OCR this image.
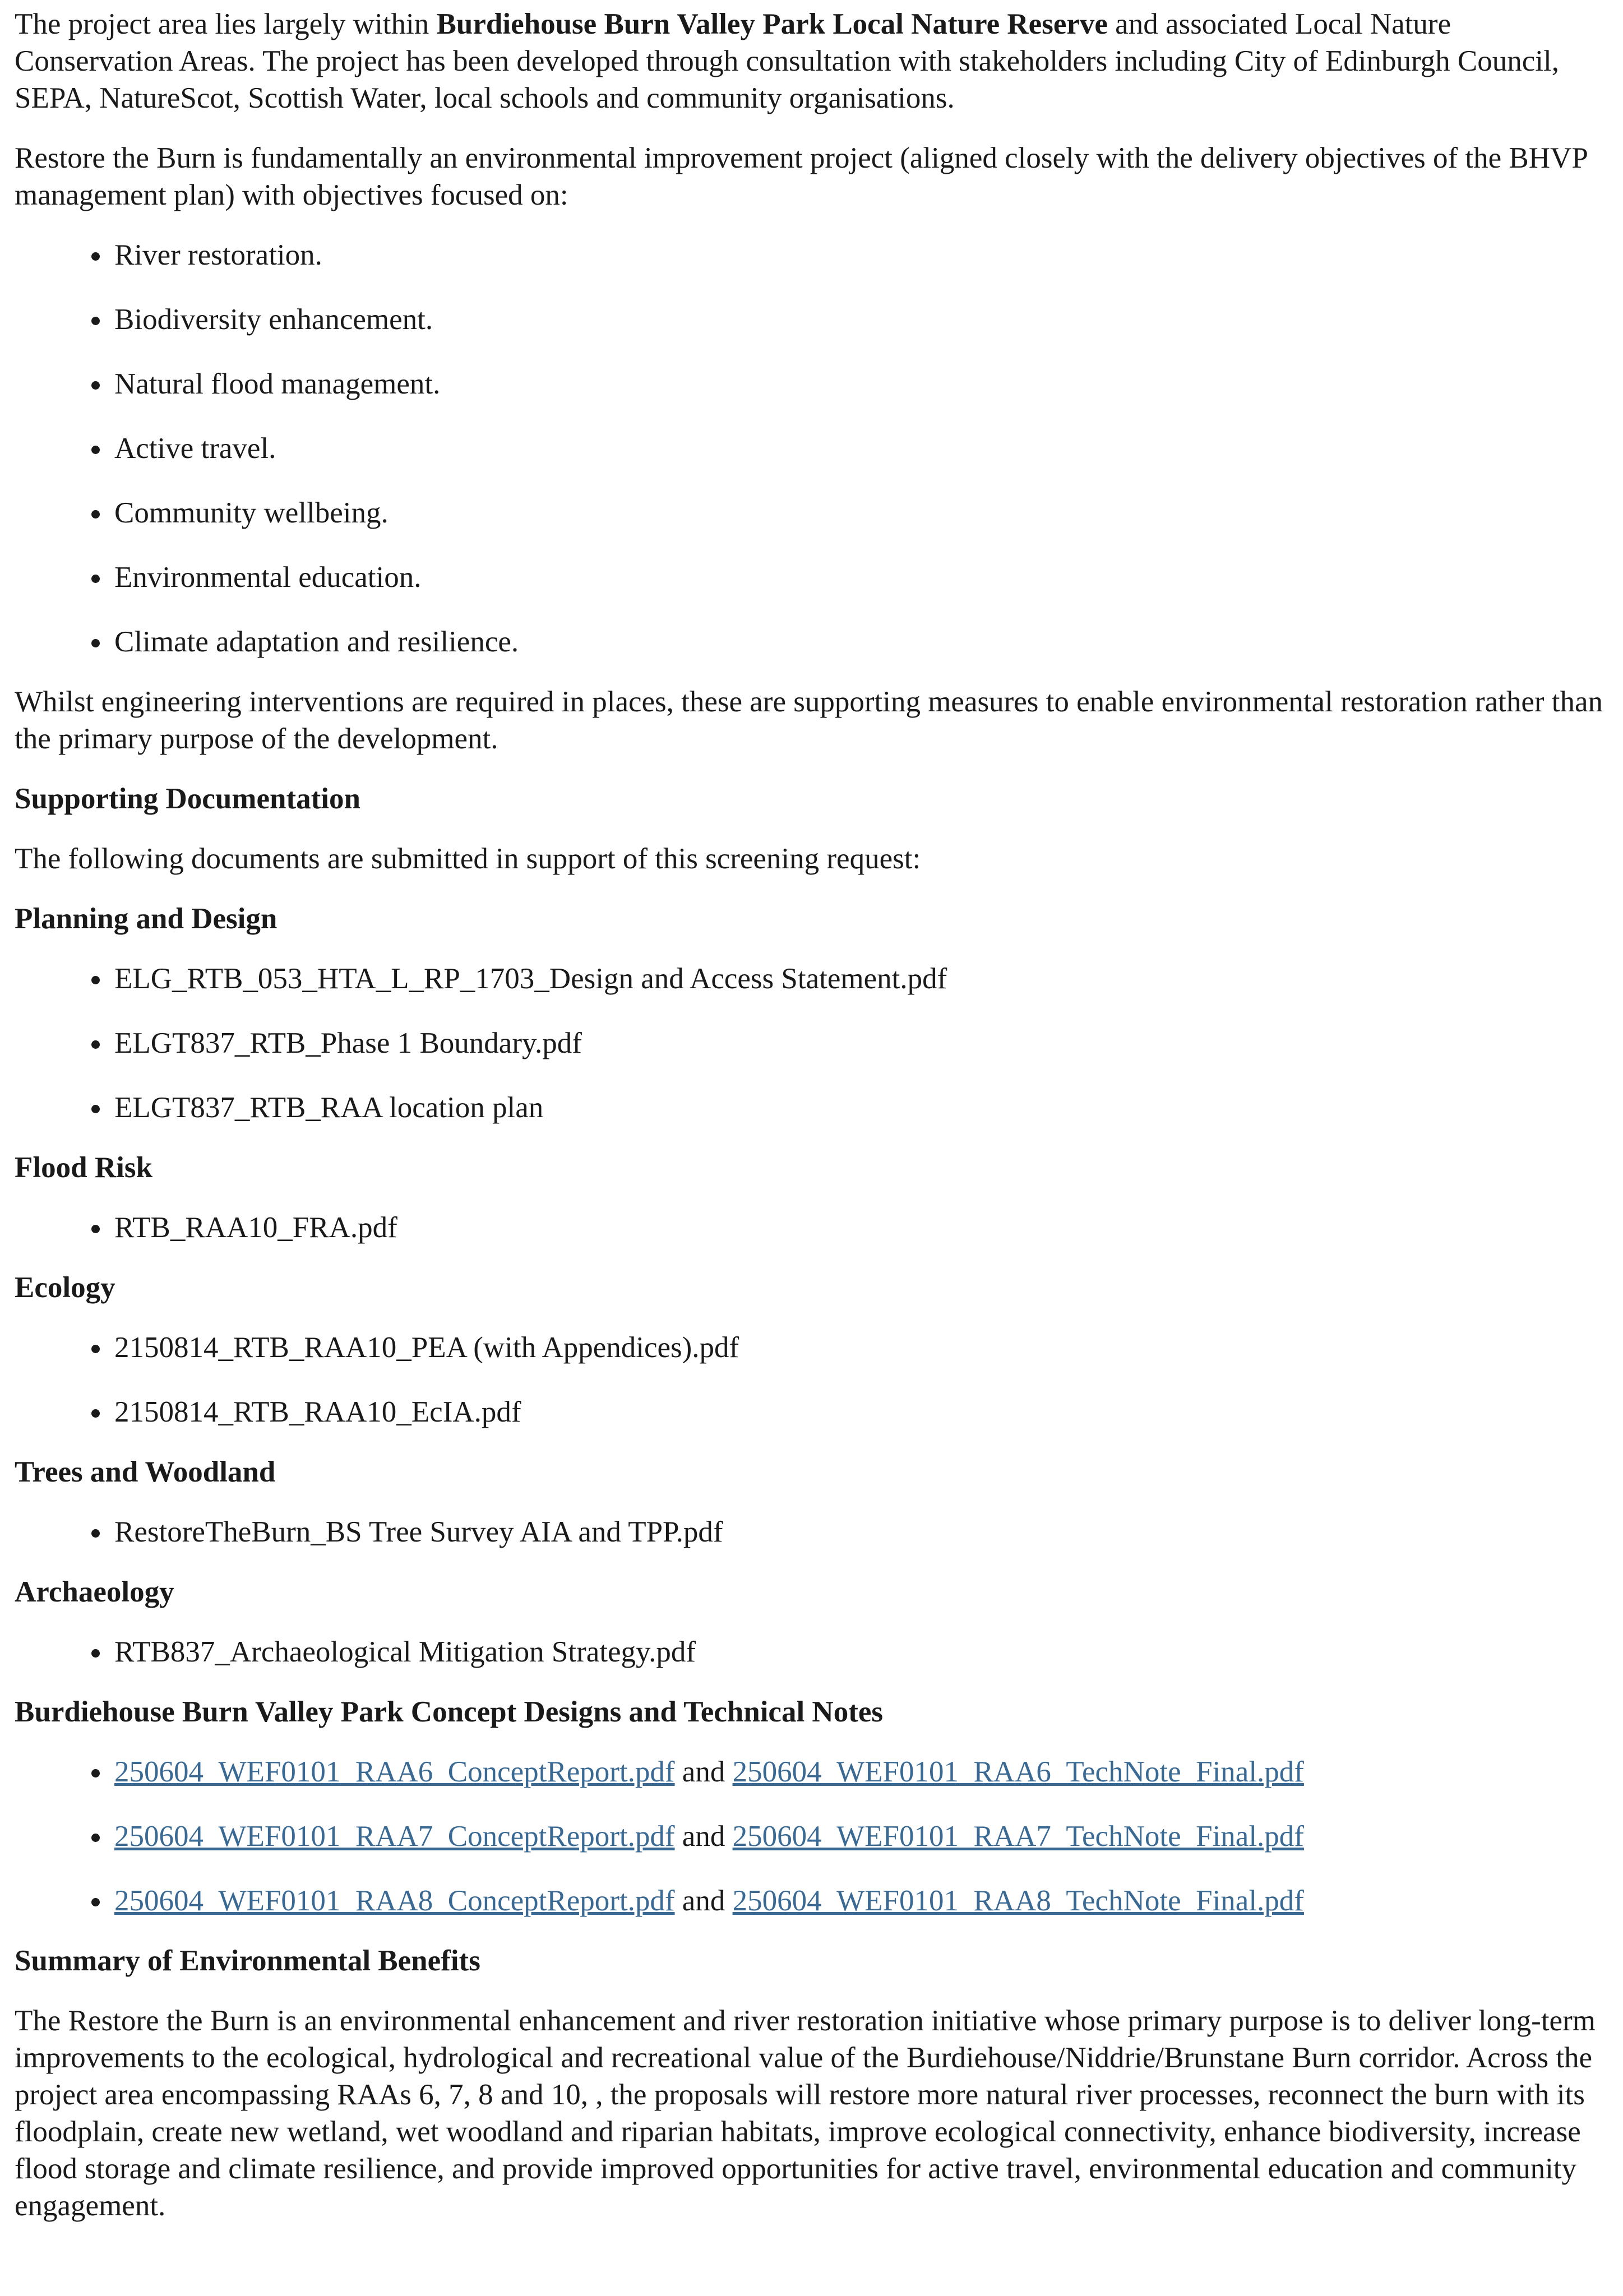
The project area lies largely within Burdiehouse Burn Valley Park Local Nature Reserve and associated Local Nature Conservation Areas. The project has been developed through consultation with stakeholders including City of Edinburgh Council, SEPA, NatureScot, Scottish Water, local schools and community organisations.

Restore the Burn is fundamentally an environmental improvement project (aligned closely with the delivery objectives of the BHVP management plan) with objectives focused on:

• River restoration.
• Biodiversity enhancement.
• Natural flood management.
• Active travel.
• Community wellbeing.
• Environmental education.
• Climate adaptation and resilience.

Whilst engineering interventions are required in places, these are supporting measures to enable environmental restoration rather than the primary purpose of the development.

Supporting Documentation

The following documents are submitted in support of this screening request:

Planning and Design
• ELG_RTB_053_HTA_L_RP_1703_Design and Access Statement.pdf
• ELGT837_RTB_Phase 1 Boundary.pdf
• ELGT837_RTB_RAA location plan
Flood Risk
• RTB_RAA10_FRA.pdf
Ecology
• 2150814_RTB_RAA10_PEA (with Appendices).pdf
• 2150814_RTB_RAA10_EcIA.pdf
Trees and Woodland
• RestoreTheBurn_BS Tree Survey AIA and TPP.pdf
Archaeology
• RTB837_Archaeological Mitigation Strategy.pdf
Burdiehouse Burn Valley Park Concept Designs and Technical Notes
• 250604_WEF0101_RAA6_ConceptReport.pdf and 250604_WEF0101_RAA6_TechNote_Final.pdf
• 250604_WEF0101_RAA7_ConceptReport.pdf and 250604_WEF0101_RAA7_TechNote_Final.pdf
• 250604_WEF0101_RAA8_ConceptReport.pdf and 250604_WEF0101_RAA8_TechNote_Final.pdf
Summary of Environmental Benefits

The Restore the Burn is an environmental enhancement and river restoration initiative whose primary purpose is to deliver long-term improvements to the ecological, hydrological and recreational value of the Burdiehouse/Niddrie/Brunstane Burn corridor. Across the project area encompassing RAAs 6, 7, 8 and 10, , the proposals will restore more natural river processes, reconnect the burn with its floodplain, create new wetland, wet woodland and riparian habitats, improve ecological connectivity, enhance biodiversity, increase flood storage and climate resilience, and provide improved opportunities for active travel, environmental education and community engagement.
